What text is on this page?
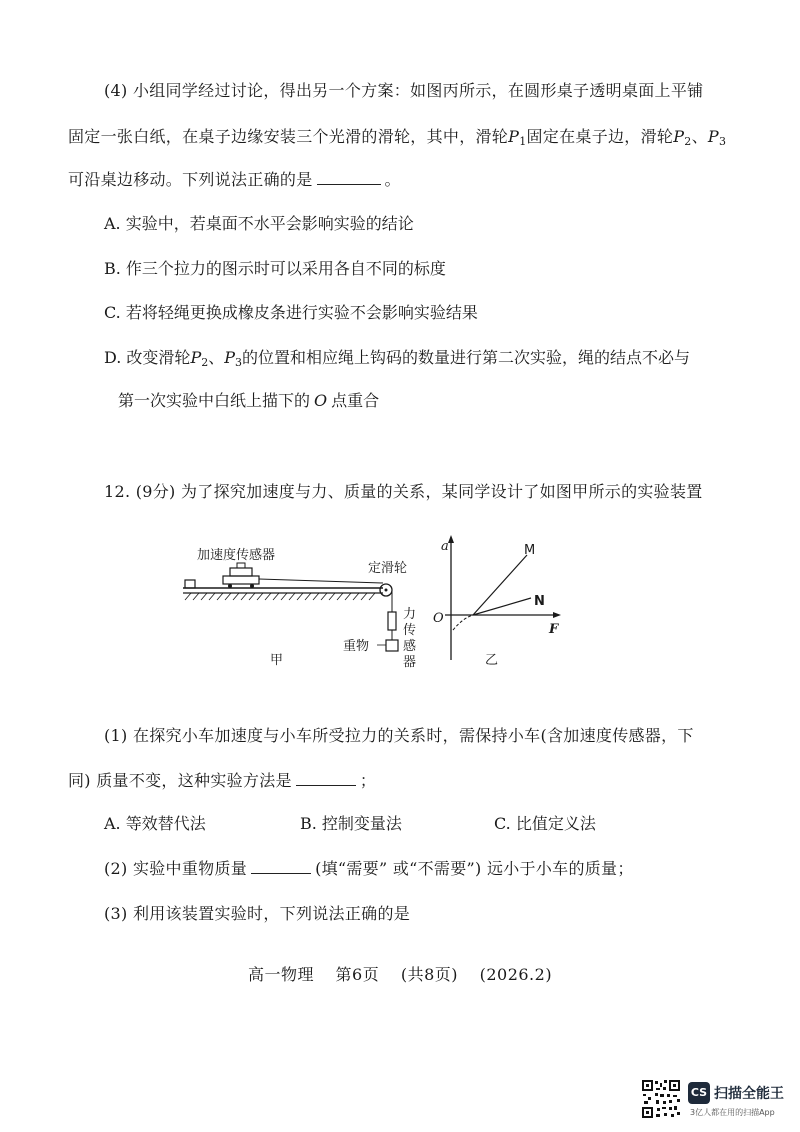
(4) 小组同学经过讨论，得出另一个方案：如图丙所示，在圆形桌子透明桌面上平铺
固定一张白纸，在桌子边缘安装三个光滑的滑轮，其中，滑轮$P_1$固定在桌子边，滑轮$P_2$、$P_3$
可沿桌边移动。下列说法正确的是	。
A. 实验中，若桌面不水平会影响实验的结论
B. 作三个拉力的图示时可以采用各自不同的标度
C. 若将轻绳更换成橡皮条进行实验不会影响实验结果
D. 改变滑轮$P_2$、$P_3$的位置和相应绳上钩码的数量进行第二次实验，绳的结点不必与
第一次实验中白纸上描下的 O 点重合
12. (9分) 为了探究加速度与力、质量的关系，某同学设计了如图甲所示的实验装置
加速度传感器
定滑轮
力
传
感
器
重物
甲
a
F
O
M
N
乙
(1) 在探究小车加速度与小车所受拉力的关系时，需保持小车(含加速度传感器，下
同) 质量不变，这种实验方法是	；
A. 等效替代法	B. 控制变量法	C. 比值定义法
(2) 实验中重物质量	(填“需要” 或“不需要”) 远小于小车的质量；
(3) 利用该装置实验时，下列说法正确的是
高一物理 第6页 (共8页) (2026.2)
CS 扫描全能王
3亿人都在用的扫描App
